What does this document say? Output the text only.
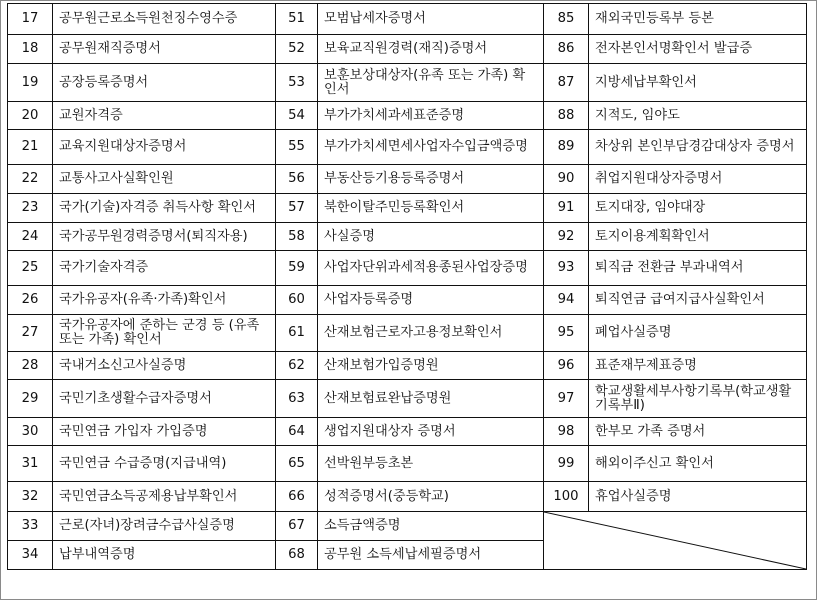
17	공무원근로소득원천징수영수증	51	모범납세자증명서	85	재외국민등록부 등본
18	공무원재직증명서	52	보육교직원경력(재직)증명서	86	전자본인서명확인서 발급증
19	공장등록증명서	53	보훈보상대상자(유족 또는 가족) 확인서	87	지방세납부확인서
20	교원자격증	54	부가가치세과세표준증명	88	지적도, 임야도
21	교육지원대상자증명서	55	부가가치세면세사업자수입금액증명	89	차상위 본인부담경감대상자 증명서
22	교통사고사실확인원	56	부동산등기용등록증명서	90	취업지원대상자증명서
23	국가(기술)자격증 취득사항 확인서	57	북한이탈주민등록확인서	91	토지대장, 임야대장
24	국가공무원경력증명서(퇴직자용)	58	사실증명	92	토지이용계획확인서
25	국가기술자격증	59	사업자단위과세적용종된사업장증명	93	퇴직금 전환금 부과내역서
26	국가유공자(유족·가족)확인서	60	사업자등록증명	94	퇴직연금 급여지급사실확인서
27	국가유공자에 준하는 군경 등 (유족 또는 가족) 확인서	61	산재보험근로자고용정보확인서	95	폐업사실증명
28	국내거소신고사실증명	62	산재보험가입증명원	96	표준재무제표증명
29	국민기초생활수급자증명서	63	산재보험료완납증명원	97	학교생활세부사항기록부(학교생활기록부Ⅱ)
30	국민연금 가입자 가입증명	64	생업지원대상자 증명서	98	한부모 가족 증명서
31	국민연금 수급증명(지급내역)	65	선박원부등초본	99	해외이주신고 확인서
32	국민연금소득공제용납부확인서	66	성적증명서(중등학교)	100	휴업사실증명
33	근로(자녀)장려금수급사실증명	67	소득금액증명	

34	납부내역증명	68	공무원 소득세납세필증명서		
